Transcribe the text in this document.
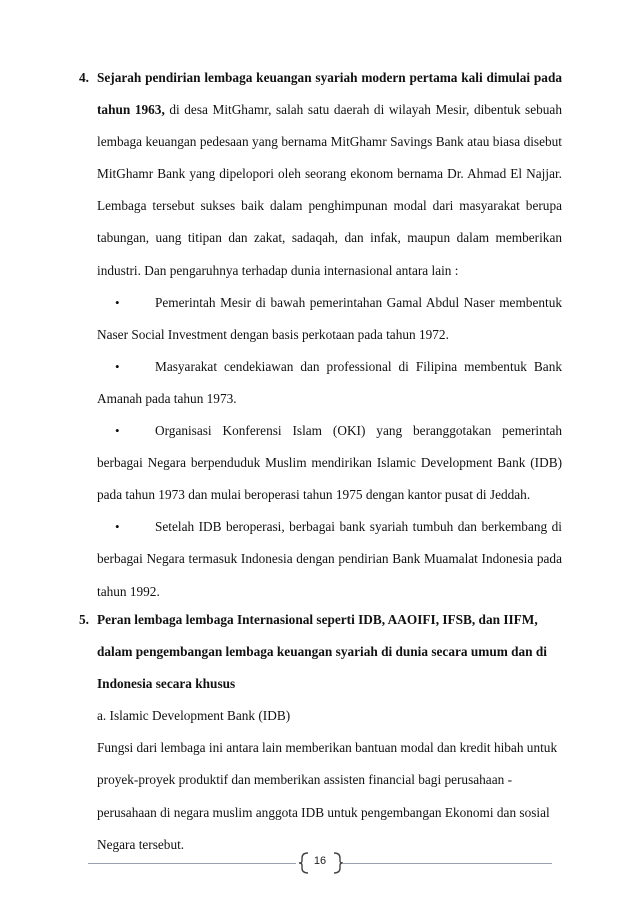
4. Sejarah pendirian lembaga keuangan syariah modern pertama kali dimulai pada tahun 1963, di desa MitGhamr, salah satu daerah di wilayah Mesir, dibentuk sebuah lembaga keuangan pedesaan yang bernama MitGhamr Savings Bank atau biasa disebut MitGhamr Bank yang dipelopori oleh seorang ekonom bernama Dr. Ahmad El Najjar. Lembaga tersebut sukses baik dalam penghimpunan modal dari masyarakat berupa tabungan, uang titipan dan zakat, sadaqah, dan infak, maupun dalam memberikan industri. Dan pengaruhnya terhadap dunia internasional antara lain :

•	Pemerintah Mesir di bawah pemerintahan Gamal Abdul Naser membentuk Naser Social Investment dengan basis perkotaan pada tahun 1972.
•	Masyarakat cendekiawan dan professional di Filipina membentuk Bank Amanah pada tahun 1973.
•	Organisasi Konferensi Islam (OKI) yang beranggotakan pemerintah berbagai Negara berpenduduk Muslim mendirikan Islamic Development Bank (IDB) pada tahun 1973 dan mulai beroperasi tahun 1975 dengan kantor pusat di Jeddah.
•	Setelah IDB beroperasi, berbagai bank syariah tumbuh dan berkembang di berbagai Negara termasuk Indonesia dengan pendirian Bank Muamalat Indonesia pada tahun 1992.
5. Peran lembaga lembaga Internasional seperti IDB, AAOIFI, IFSB, dan IIFM, dalam pengembangan lembaga keuangan syariah di dunia secara umum dan di Indonesia secara khusus

a. Islamic Development Bank (IDB)

Fungsi dari lembaga ini antara lain memberikan bantuan modal dan kredit hibah untuk proyek-proyek produktif dan memberikan assisten financial bagi perusahaan -perusahaan di negara muslim anggota IDB untuk pengembangan Ekonomi dan sosial Negara tersebut.

16
